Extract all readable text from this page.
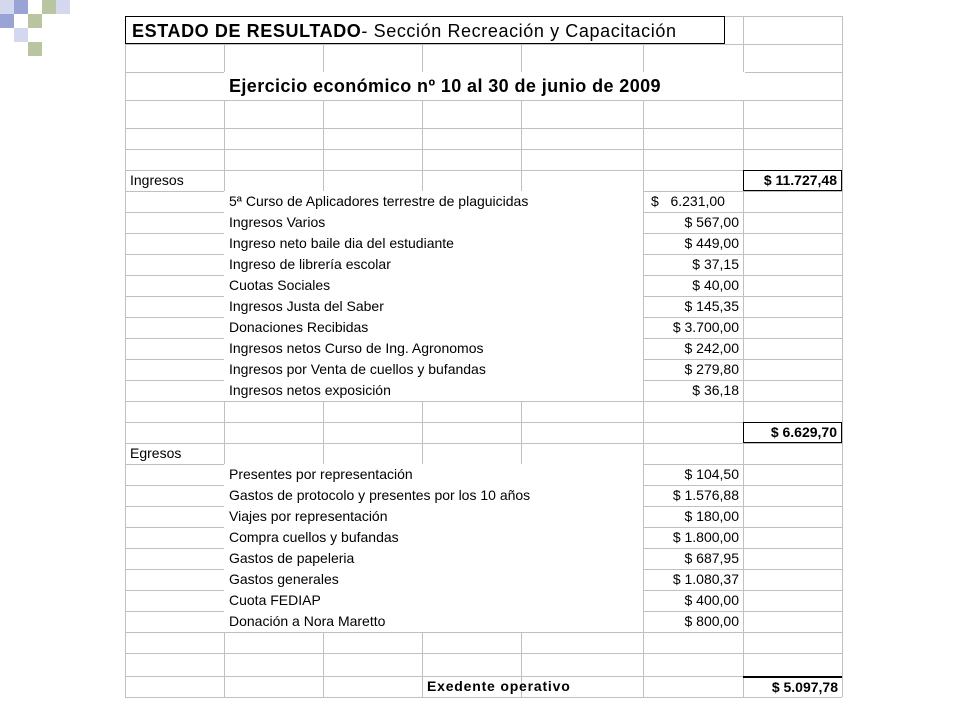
ESTADO DE RESULTADO- Sección Recreación y Capacitación
Ejercicio económico nº 10 al 30 de junio de 2009
Ingresos	$ 11.727,48
5ª Curso de Aplicadores terrestre de plaguicidas	$   6.231,00
Ingresos Varios	$ 567,00
Ingreso neto baile dia del estudiante	$ 449,00
Ingreso de librería escolar	$ 37,15
Cuotas Sociales	$ 40,00
Ingresos Justa del Saber	$ 145,35
Donaciones Recibidas	$ 3.700,00
Ingresos netos Curso de Ing. Agronomos	$ 242,00
Ingresos por Venta de cuellos y bufandas	$ 279,80
Ingresos netos exposición	$ 36,18
$ 6.629,70
Egresos
Presentes por representación	$ 104,50
Gastos de protocolo y presentes por los 10 años	$ 1.576,88
Viajes por representación	$ 180,00
Compra cuellos y bufandas	$ 1.800,00
Gastos de papeleria	$ 687,95
Gastos generales	$ 1.080,37
Cuota FEDIAP	$ 400,00
Donación a Nora Maretto	$ 800,00
Exedente operativo	$ 5.097,78
